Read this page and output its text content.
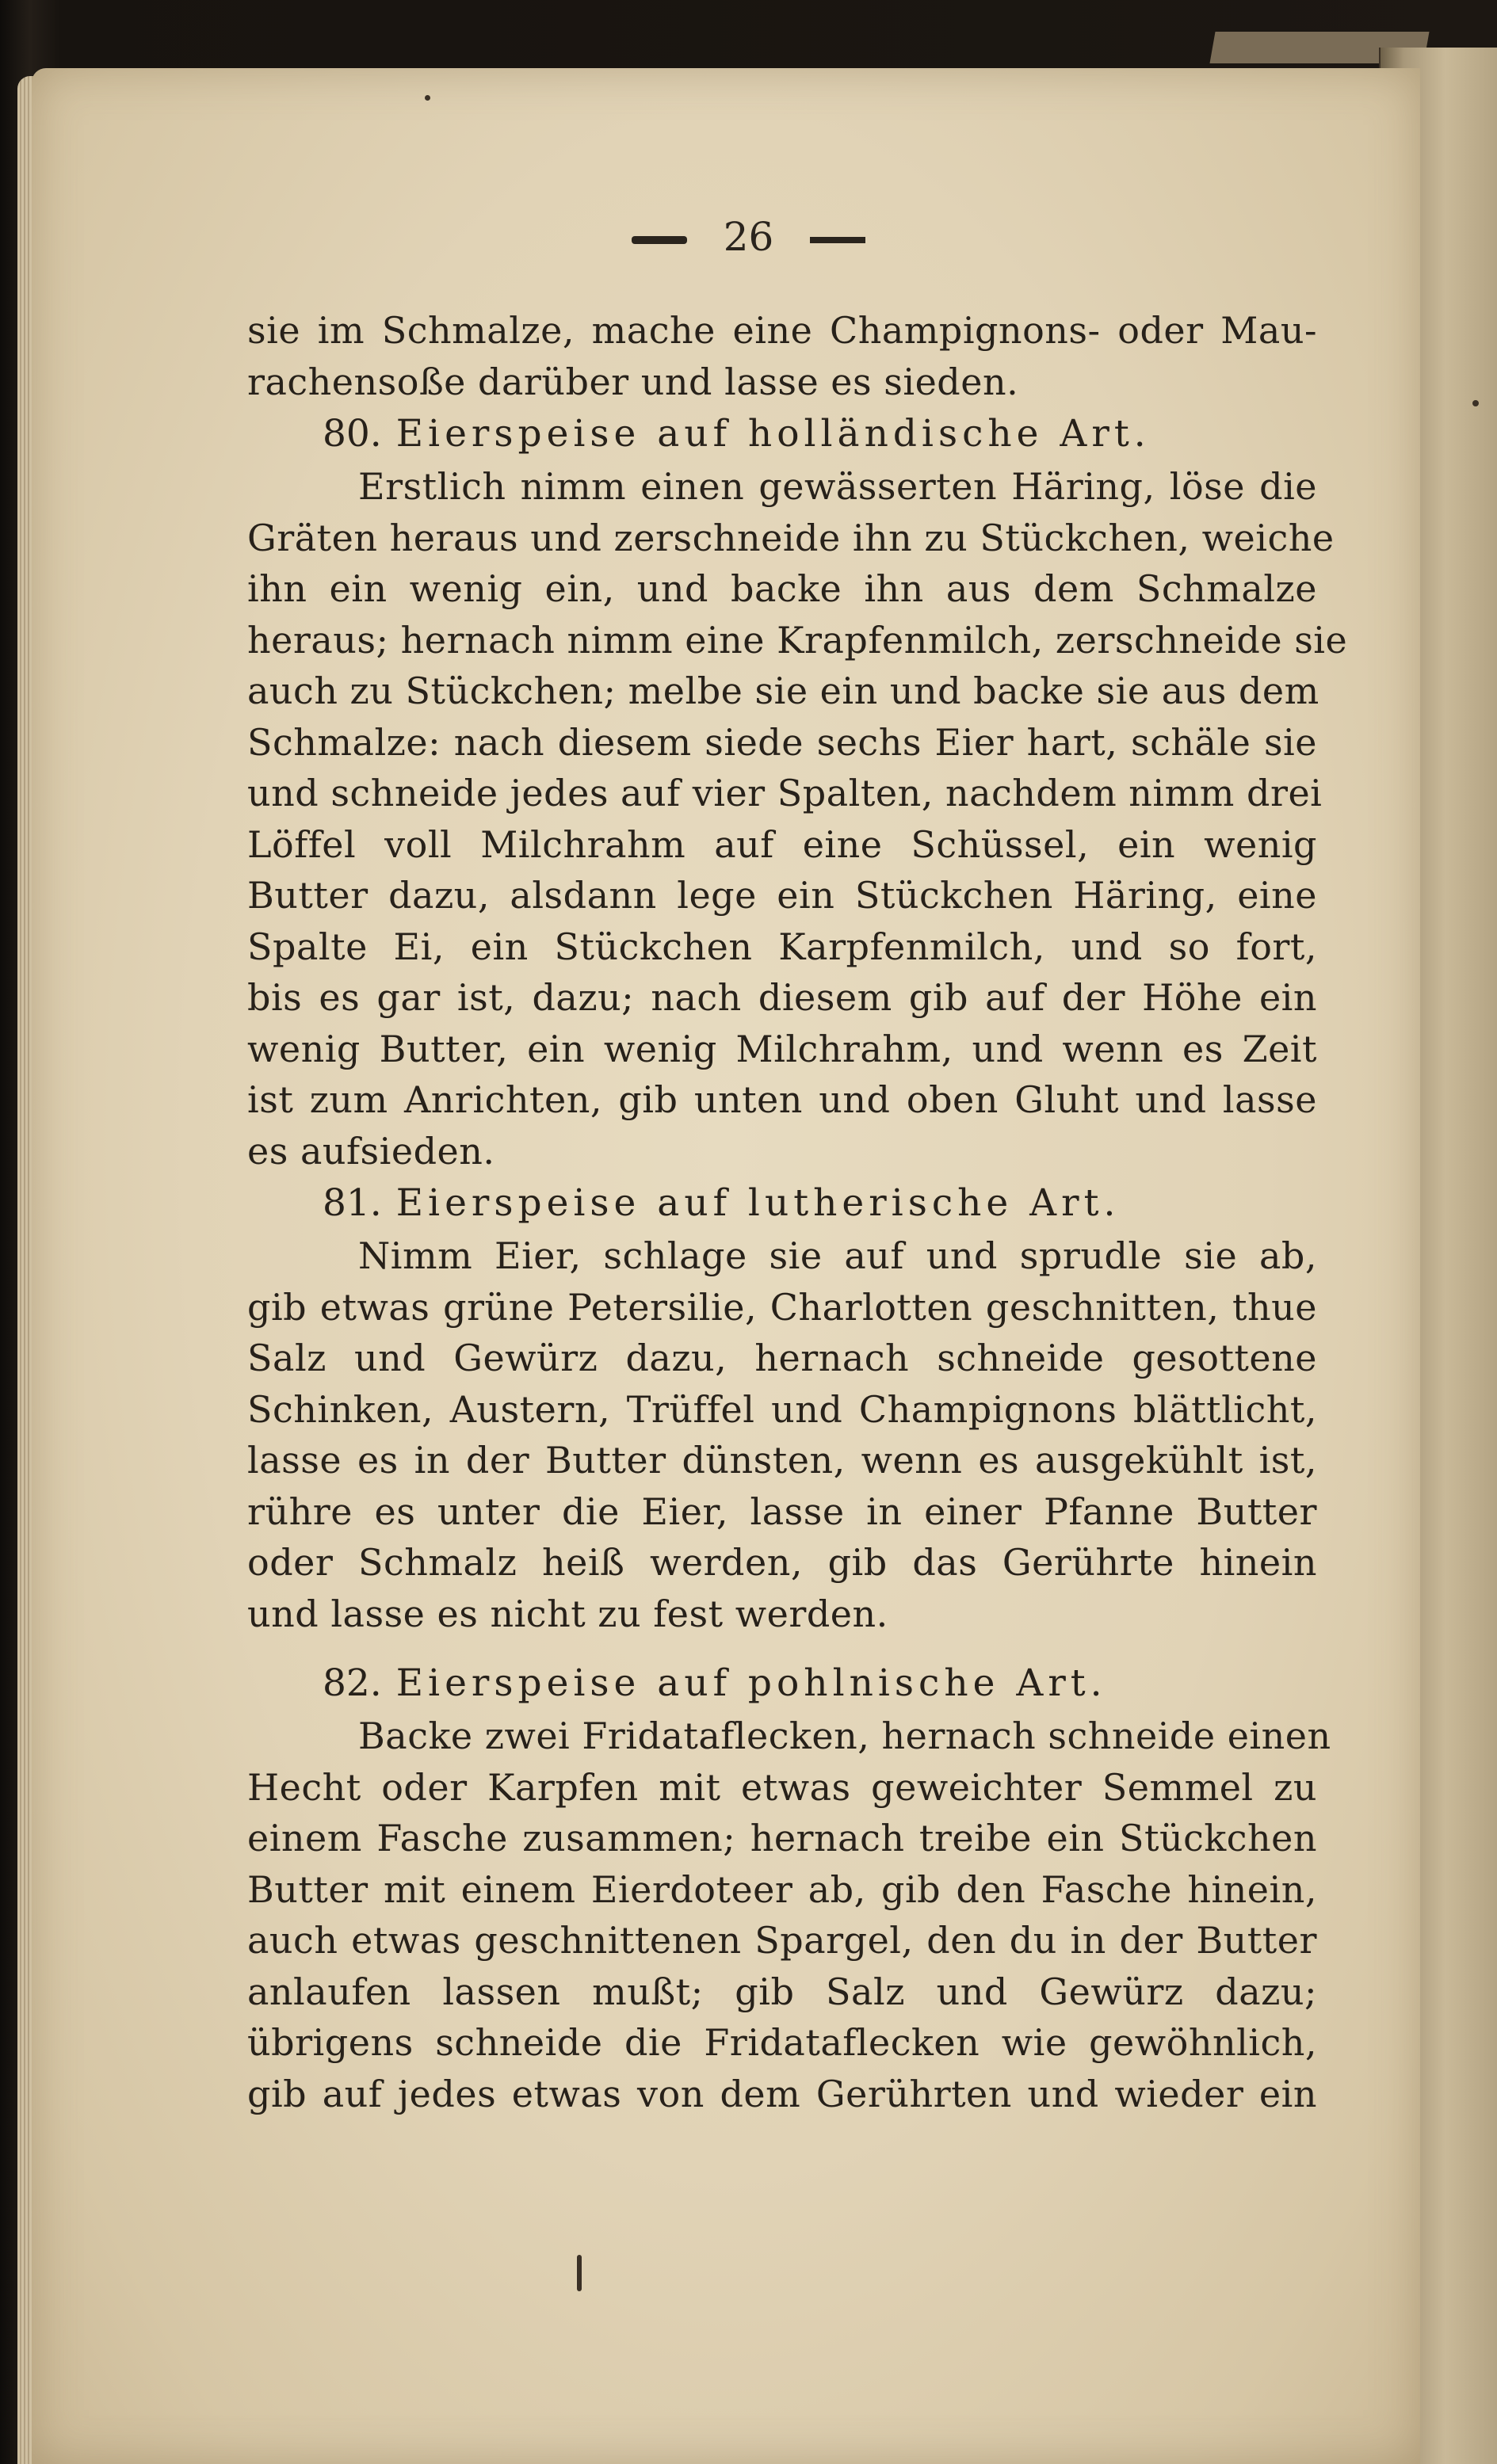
26
sie im Schmalze, mache eine Champignons- oder Mau-
rachensoße darüber und lasse es sieden.
80. Eierspeise auf holländische Art.
Erstlich nimm einen gewässerten Häring, löse die
Gräten heraus und zerschneide ihn zu Stückchen, weiche
ihn ein wenig ein, und backe ihn aus dem Schmalze
heraus; hernach nimm eine Krapfenmilch, zerschneide sie
auch zu Stückchen; melbe sie ein und backe sie aus dem
Schmalze: nach diesem siede sechs Eier hart, schäle sie
und schneide jedes auf vier Spalten, nachdem nimm drei
Löffel voll Milchrahm auf eine Schüssel, ein wenig
Butter dazu, alsdann lege ein Stückchen Häring, eine
Spalte Ei, ein Stückchen Karpfenmilch, und so fort,
bis es gar ist, dazu; nach diesem gib auf der Höhe ein
wenig Butter, ein wenig Milchrahm, und wenn es Zeit
ist zum Anrichten, gib unten und oben Gluht und lasse
es aufsieden.
81. Eierspeise auf lutherische Art.
Nimm Eier, schlage sie auf und sprudle sie ab,
gib etwas grüne Petersilie, Charlotten geschnitten, thue
Salz und Gewürz dazu, hernach schneide gesottene
Schinken, Austern, Trüffel und Champignons blättlicht,
lasse es in der Butter dünsten, wenn es ausgekühlt ist,
rühre es unter die Eier, lasse in einer Pfanne Butter
oder Schmalz heiß werden, gib das Gerührte hinein
und lasse es nicht zu fest werden.
82. Eierspeise auf pohlnische Art.
Backe zwei Fridataflecken, hernach schneide einen
Hecht oder Karpfen mit etwas geweichter Semmel zu
einem Fasche zusammen; hernach treibe ein Stückchen
Butter mit einem Eierdoteer ab, gib den Fasche hinein,
auch etwas geschnittenen Spargel, den du in der Butter
anlaufen lassen mußt; gib Salz und Gewürz dazu;
übrigens schneide die Fridataflecken wie gewöhnlich,
gib auf jedes etwas von dem Gerührten und wieder ein
